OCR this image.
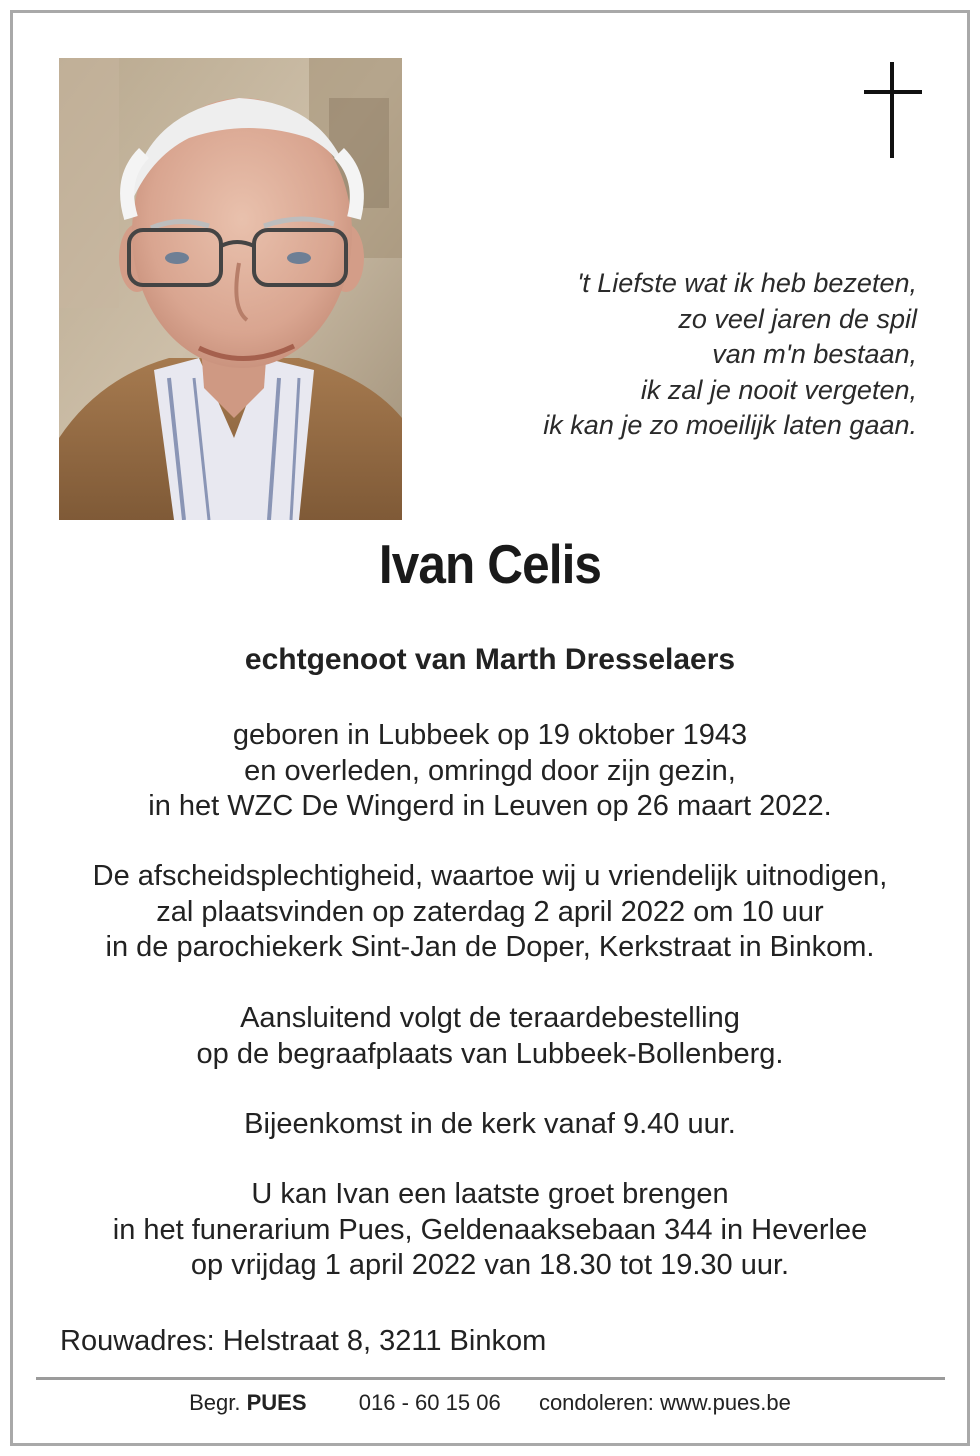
't Liefste wat ik heb bezeten,
zo veel jaren de spil
van m'n bestaan,
ik zal je nooit vergeten,
ik kan je zo moeilijk laten gaan.
Ivan Celis
echtgenoot van Marth Dresselaers
geboren in Lubbeek op 19 oktober 1943
en overleden, omringd door zijn gezin,
in het WZC De Wingerd in Leuven op 26 maart 2022.
De afscheidsplechtigheid, waartoe wij u vriendelijk uitnodigen,
zal plaatsvinden op zaterdag 2 april 2022 om 10 uur
in de parochiekerk Sint-Jan de Doper, Kerkstraat in Binkom.
Aansluitend volgt de teraardebestelling
op de begraafplaats van Lubbeek-Bollenberg.
Bijeenkomst in de kerk vanaf 9.40 uur.
U kan Ivan een laatste groet brengen
in het funerarium Pues, Geldenaaksebaan 344 in Heverlee
op vrijdag 1 april 2022 van 18.30 tot 19.30 uur.
Rouwadres: Helstraat 8, 3211 Binkom
Begr. PUES 016 - 60 15 06 condoleren: www.pues.be
